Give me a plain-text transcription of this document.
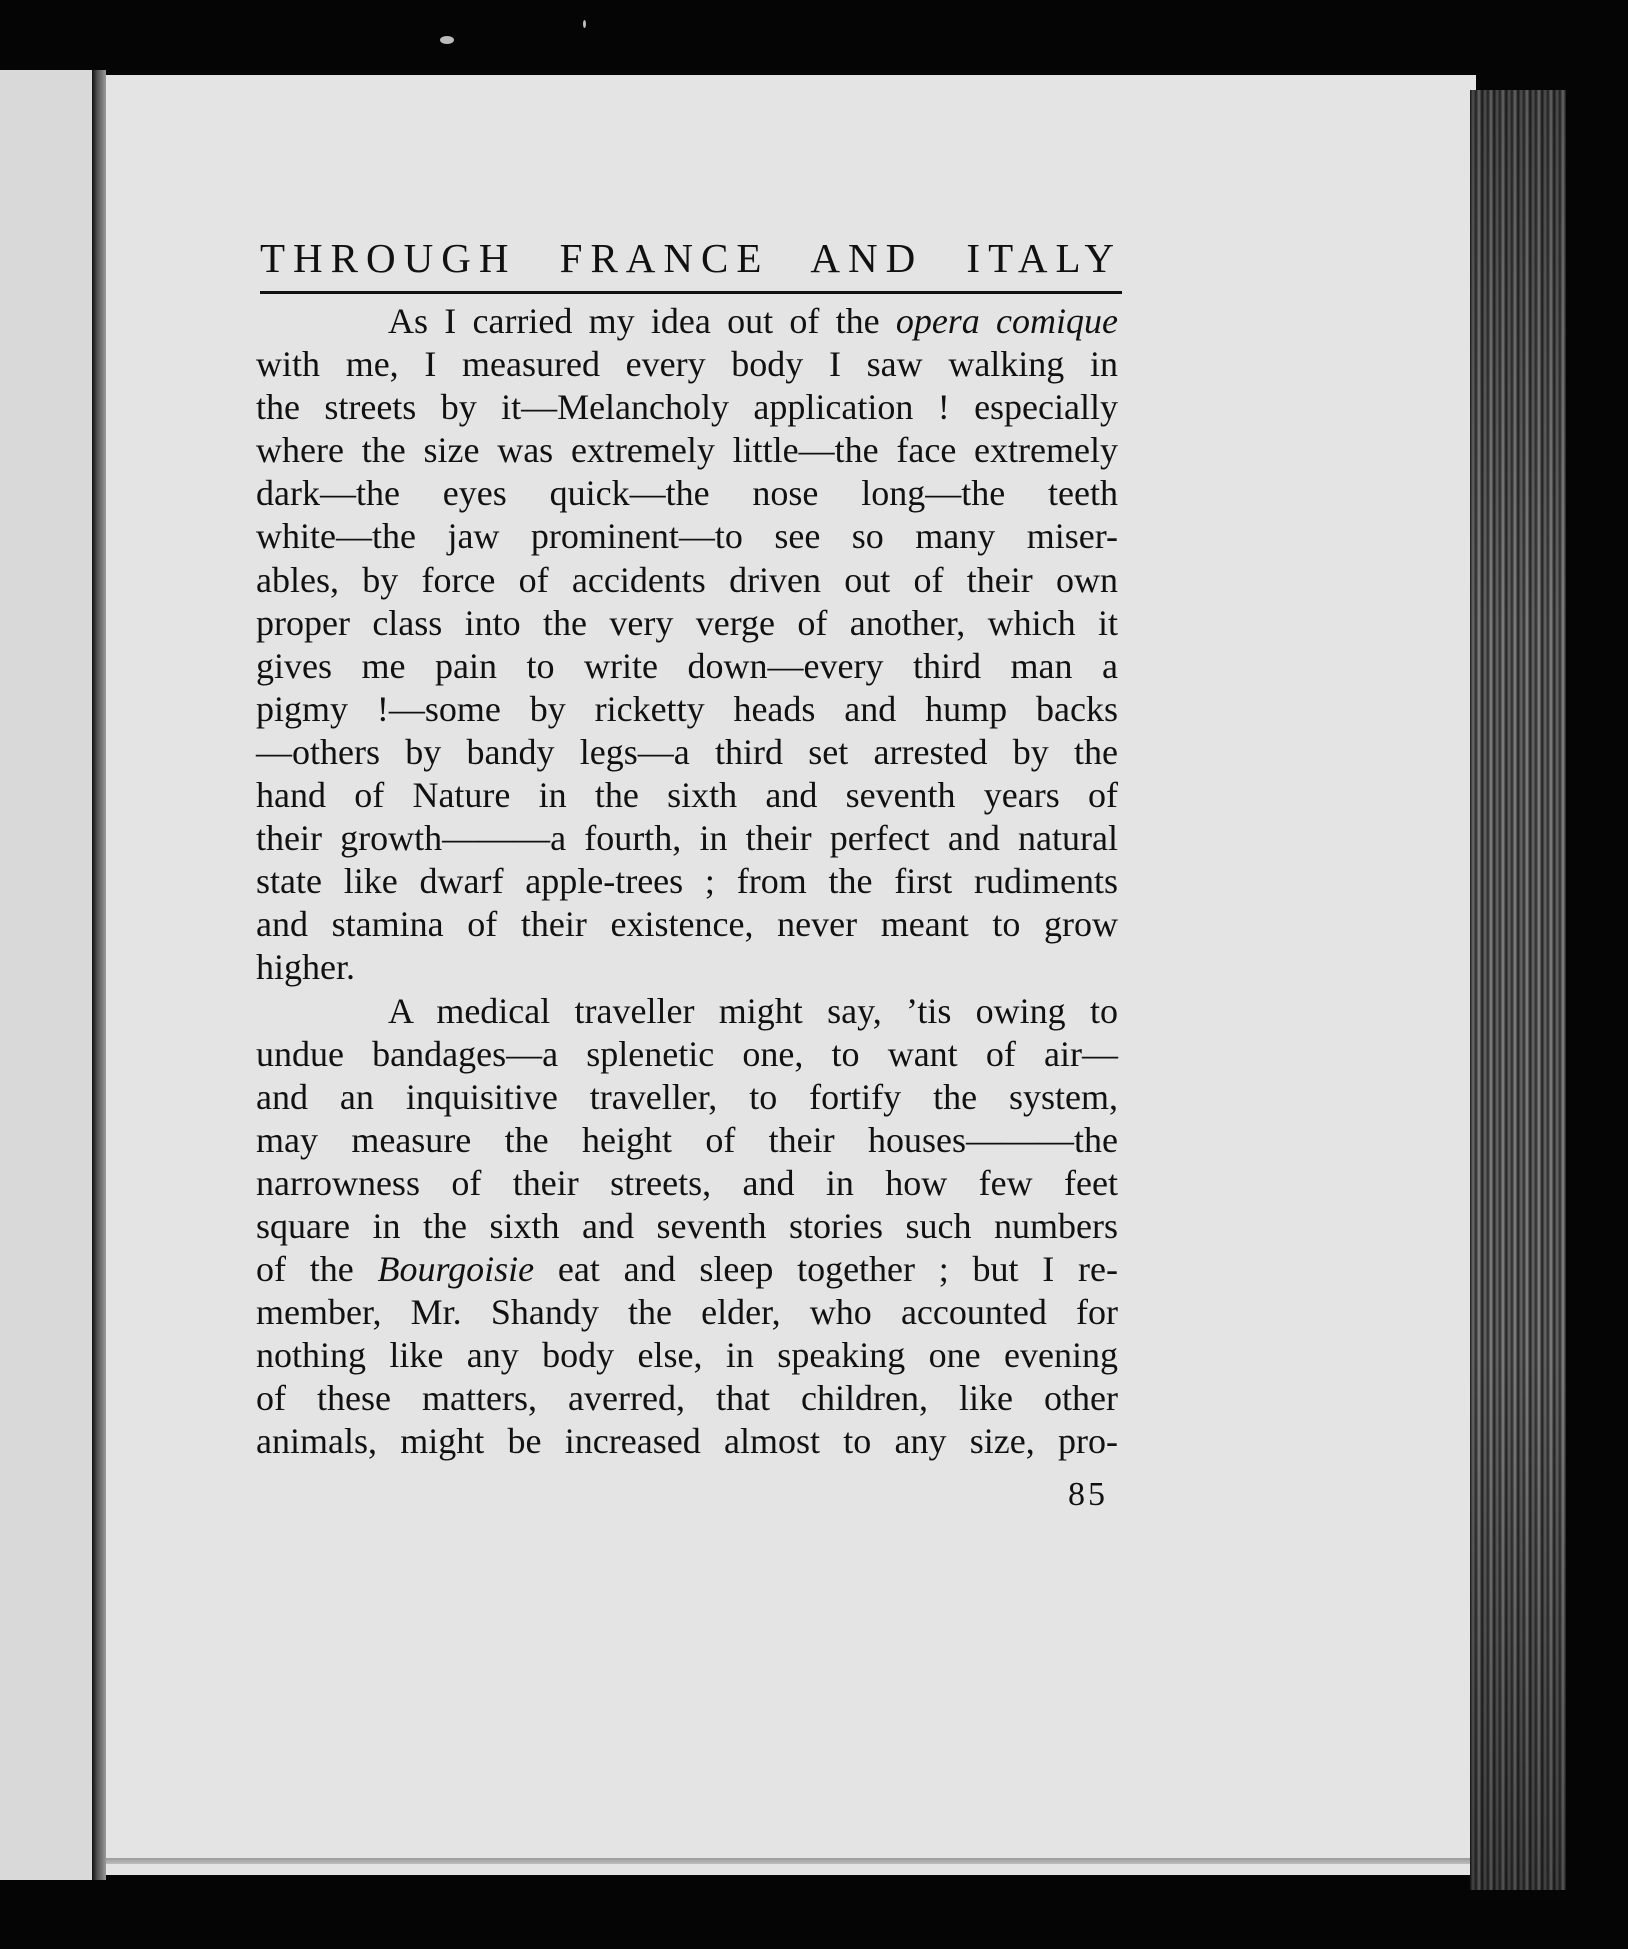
THROUGH FRANCE AND ITALY
As I carried my idea out of the opera comique
with me, I measured every body I saw walking in
the streets by it—Melancholy application ! especially
where the size was extremely little—the face extremely
dark—the eyes quick—the nose long—the teeth
white—the jaw prominent—to see so many miser-
ables, by force of accidents driven out of their own
proper class into the very verge of another, which it
gives me pain to write down—every third man a
pigmy !—some by ricketty heads and hump backs
—others by bandy legs—a third set arrested by the
hand of Nature in the sixth and seventh years of
their growth———a fourth, in their perfect and natural
state like dwarf apple-trees ; from the first rudiments
and stamina of their existence, never meant to grow
higher.
A medical traveller might say, ’tis owing to
undue bandages—a splenetic one, to want of air—
and an inquisitive traveller, to fortify the system,
may measure the height of their houses———the
narrowness of their streets, and in how few feet
square in the sixth and seventh stories such numbers
of the Bourgoisie eat and sleep together ; but I re-
member, Mr. Shandy the elder, who accounted for
nothing like any body else, in speaking one evening
of these matters, averred, that children, like other
animals, might be increased almost to any size, pro-
85
